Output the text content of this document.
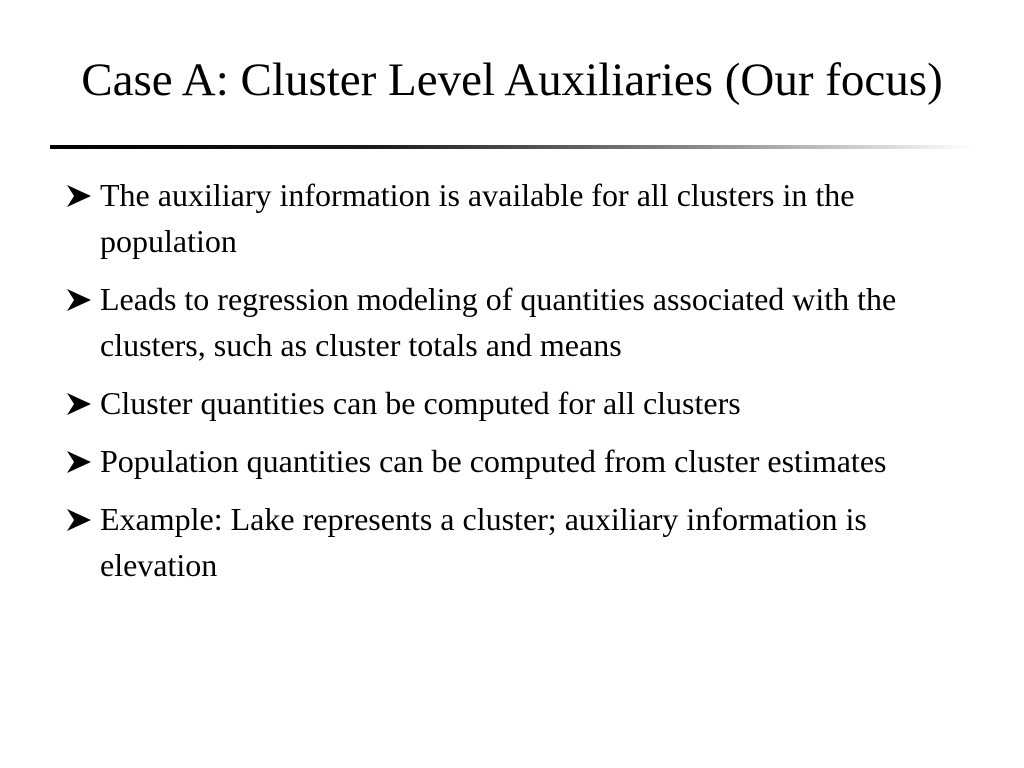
Case A: Cluster Level Auxiliaries (Our focus)
The auxiliary information is available for all clusters in the population
Leads to regression modeling of quantities associated with the clusters, such as cluster totals and means
Cluster quantities can be computed for all clusters
Population quantities can be computed from cluster estimates
Example: Lake represents a cluster; auxiliary information is elevation
